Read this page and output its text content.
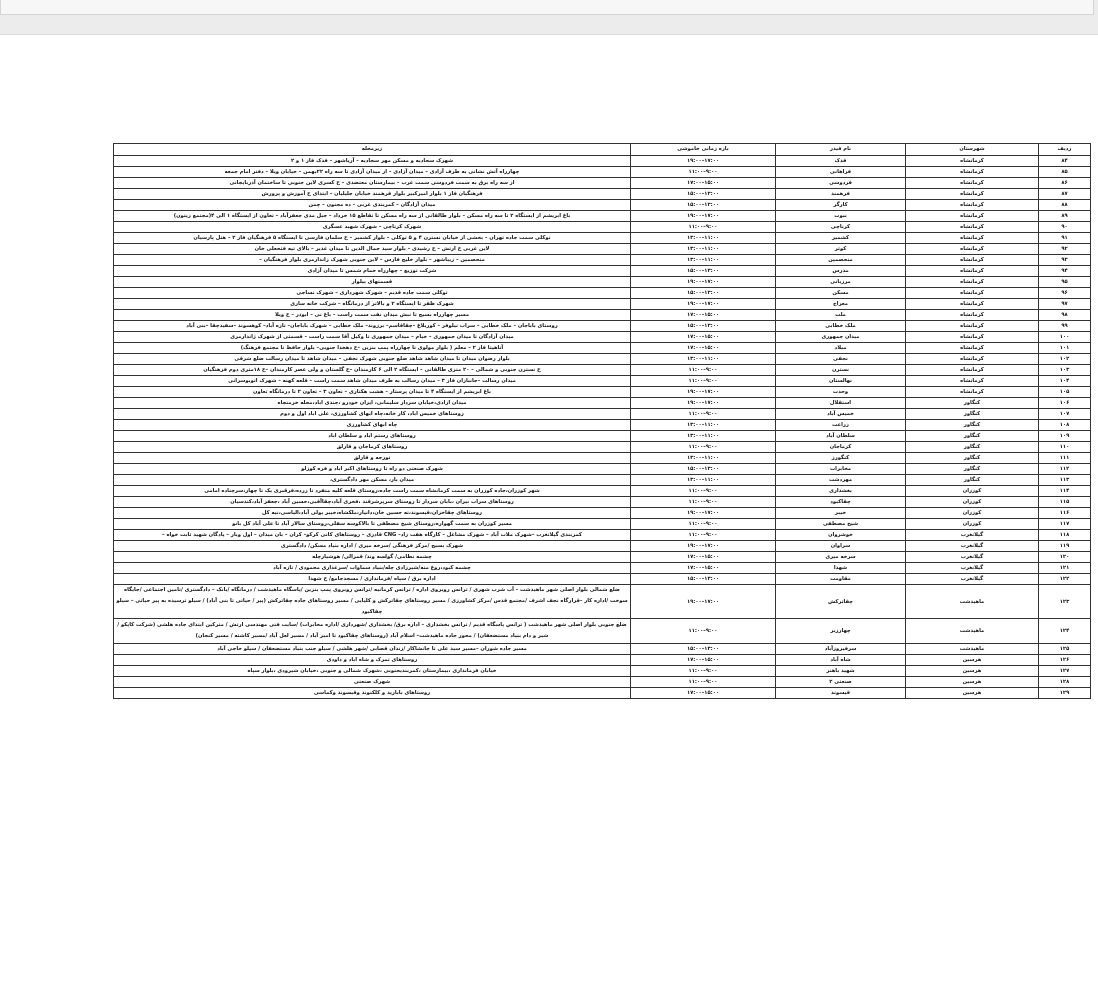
ردیف	شهرستان	نام فیدر	بازه زمانی خاموشی	زیرمحله
۸۴	کرمانشاه	فدک	۱۷:۰۰–۱۹:۰۰	شهرک سجادیه و مسکن مهر سجادیه – آریاشهر – فدک فاز ۱ و ۲
۸۵	کرمانشاه	فراهانی	۹:۰۰–۱۱:۰۰	چهارراه آتش نشانی به طرف آزادی – میدان آزادی – از میدان آزادی تا سه راه ۲۲بهمن – خیابان ویلا – دفتر امام جمعه
۸۶	کرمانشاه	فردوسی	۱۵:۰۰–۱۷:۰۰	از سه راه برق به سمت فردوسی سمت غرب – بیمارستان معتضدی – خ کسری لاین جنوبی تا ساختمان آذربایجانی
۸۷	کرمانشاه	فرهمند	۱۳:۰۰–۱۵:۰۰	فرهنگیان فاز ۱ بلوار امیرکبیر بلوار فرهمند خیابان جلیلیان – ابتدای خ آموزش و پرورش
۸۸	کرمانشاه	کارگر	۱۳:۰۰–۱۵:۰۰	میدان آزادگان – کمربندی غربی – ده مجنون – چمن
۸۹	کرمانشاه	نبوت	۱۷:۰۰–۱۹:۰۰	باغ ابریشم از ایستگاه ۲ تا سه راه مسکن – بلوار طالقانی از سه راه مسکن تا تقاطع ۱۵ خرداد – جبل مدی جعفرآباد – تعاون از ایستگاه ۱ الی ۴(مجتمع زیتون)
۹۰	کرمانشاه	کرناچی	۹:۰۰–۱۱:۰۰	شهرک کرناچی – شهرک شهید عسگری
۹۱	کرمانشاه	کشمیر	۱۱:۰۰–۱۳:۰۰	توکلی سمت جاده تهران – بخشی از خیابان نسترن ۴ و ۵ توکلی – بلوار کشمیر – خ سلمان فارسی تا ایستگاه ۵ فرهنگیان فاز ۲ – هتل پارسیان
۹۲	کرمانشاه	کوثر	۱۱:۰۰–۱۳:۰۰	لاین غربی خ ارتش – خ رشیدی – بلوار سید جمال الدین تا میدان غدیر – بالای تپه فتحعلی خان
۹۳	کرمانشاه	منحصمین	۱۱:۰۰–۱۳:۰۰	منحصمین – زیباشهر – بلوار خلیج فارس – لاین جنوبی شهرک زاندارمری بلوار فرهنگیان –
۹۴	کرمانشاه	مدرس	۱۳:۰۰–۱۵:۰۰	شرکت توزیع – چهارراه حمام شمس تا میدان آزادی
۹۵	کرمانشاه	مرزبانی	۱۷:۰۰–۱۹:۰۰	قسمتهای بیلوار
۹۶	کرمانشاه	مسکن	۱۳:۰۰–۱۵:۰۰	توکلی سمت جاده قدیم – شهرک شهرداری – شهرک نساجی
۹۷	کرمانشاه	معراج	۱۷:۰۰–۱۹:۰۰	شهرک ظفر تا ایستگاه ۲ و بالاتر از درمانگاه – شرکت خانه سازی
۹۸	کرمانشاه	ملت	۱۵:۰۰–۱۷:۰۰	مسیر چهارراه بسیج تا نبش میدان نفت سمت راست – باغ نی – ابوذر – خ ویلا
۹۹	کرمانشاه	ملک خطابی	۱۳:۰۰–۱۵:۰۰	روستای باباجان – ملک خطابی – سراب نیلوفر – کوربلاغ –چقاقاسم– برزوند– ملک خطابی – شهرک باباجان– تازه آباد– کوهسوند –سفیدچقا –بنی آباد
۱۰۰	کرمانشاه	میدان جمهوری	۱۵:۰۰–۱۷:۰۰	میدان آزادگان تا میدان جمهوری – خیام – میدان جمهوری تا وکیل آقا سمت راست – قسمتی از شهرک ژاندارمری
۱۰۱	کرمانشاه	میلاد	۱۵:۰۰–۱۷:۰۰	آناهیتا فاز ۲ – معلم ( بلوار مولوی تا چهارراه پمپ بنزین –خ دهخدا جنوبی– بلوار حافظ تا مجتمع فرهنگ)
۱۰۲	کرمانشاه	نجفی	۱۱:۰۰–۱۳:۰۰	بلوار رضوان میدان تا میدان شاهد شاهد ضلع جنوبی شهرک نجفی – میدان شاهد تا میدان رسالت ضلع شرقی
۱۰۳	کرمانشاه	نسترن	۹:۰۰–۱۱:۰۰	خ نسترن جنوبی و شمالی – ۲۰ متری طالقانی – ایستگاه ۲ الی ۶ کارمندان –خ گلستان و ولی عصر کارمندان –خ ۱۸متری دوم فرهنگیان
۱۰۴	کرمانشاه	نهالستان	۹:۰۰–۱۱:۰۰	میدان رسالت –جانبازان فاز ۳ – میدان رسالت به طرف میدان شاهد سمت راست – قلعه کهنه – شهرک اتوبوسرانی
۱۰۵	کرمانشاه	وحدت	۱۷:۰۰–۱۹:۰۰	باغ ابریشم از ایستگاه ۴ تا میدان پرستار – هشت هکتاری – تعاون ۳ – تعاون ۲ تا درمانگاه تعاون
۱۰۶	کنگاور	استقلال	۱۷:۰۰–۱۹:۰۰	میدان ازادی،خیابان سردار سلیمانی، ایران خودرو ،جندی اباد،محله خرمنجاه
۱۰۷	کنگاور	خمیس آباد	۹:۰۰–۱۱:۰۰	روستاهای خمیس اباد، کار خانه،چاه ابهای کشاورزی، علی اباد اول و دوم
۱۰۸	کنگاور	زراعت	۱۱:۰۰–۱۳:۰۰	چاه ابهای کشاورزی
۱۰۹	کنگاور	سلطان آباد	۱۱:۰۰–۱۳:۰۰	روستاهای رستم اباد و سلطان اباد
۱۱۰	کنگاور	کرماجان	۹:۰۰–۱۱:۰۰	روستاهای کرماجان و قارلق
۱۱۱	کنگاور	کنگورز	۱۱:۰۰–۱۳:۰۰	تورجه و قارلق
۱۱۲	کنگاور	مخابرات	۱۳:۰۰–۱۵:۰۰	شهرک صنعتی دو راه تا روستاهای اکبر اباد و فره کوزلو
۱۱۳	کنگاور	مهردشت	۱۱:۰۰–۱۳:۰۰	میدان بار، مسکن مهر دادگستری،
۱۱۴	کوزران	بغشداری	۹:۰۰–۱۱:۰۰	شهر کوزران،جاده کوزران به سمت کرمانشاه سمت راست جاده،روستای قلعه کلیه منفرد تا زرده،فرقبری یک تا چهار،سرچناده امامی
۱۱۵	کوزران	چقاکبود	۹:۰۰–۱۱:۰۰	روستاهای سراب نیران ،بابان سردار تا روستای سرپرشرقند ،فخری آباد،چقاآقبی،حسین آباد ،جعفر آباد،کندسیان
۱۱۶	کوزران	خیبر	۱۷:۰۰–۱۹:۰۰	روستاهای چقاخزان،قیسوند،ته حسین خان،دانیار،ملکشاه،خیبر بولی آباد،الیاسی،نیه کل
۱۱۷	کوزران	شیخ مصطفی	۹:۰۰–۱۱:۰۰	مسیر کوزران به سمت گهواره،روستای شیخ مصطفی تا بالاکوسه سفلی،روستای سالار آباد تا علی آباد کل بانو
۱۱۸	گیلانغرب	خوشروان	۹:۰۰–۱۱:۰۰	کمربندی گیلانغرب –شهرک ملات آباد – شهرک مشاغل – کارگاه هفت زاد– CNG قادری – روستاهای کانی کرکو– کران – بان میدان – اول وبار – پادگان شهید ثابت خواه –
۱۱۹	گیلانغرب	سراوان	۱۷:۰۰–۱۹:۰۰	شهرک بسیج /مرکز فرهنگی /سرخه میری / اداره بنیاد مسکن/ دادگستری
۱۲۰	گیلانغرب	سرخه میری	۱۵:۰۰–۱۷:۰۰	چشمه نظامی/ گولسه وند/ قمرالی/ هوشیارچله
۱۲۱	گیلانغرب	شهدا	۱۵:۰۰–۱۷:۰۰	چشمه کبود،روغ منه/شیرزادی چله/بنیاد سماوات /سرغداری محمودی / تازه آباد
۱۲۲	گیلانغرب	مقاومت	۱۳:۰۰–۱۵:۰۰	اداره برق / سپاه /فرمانداری / مسجدجامع/ خ شهدا
۱۲۳	ماهیدشت	چقاترکش	۱۷:۰۰–۱۹:۰۰	ضلع شمالی بلوار اصلی شهر ماهیدشت – آب شرب شهری / ترانس روبروی اداره / ترانس کرمانیه /ترانس روبروی پمپ بنزین /پاسگاه ماهیدشت / درمانگاه /بانک – دادگستری /تامین اجتماعی /جایگاه سوخت /اداره کار –قرارگاه نجف اشرف /مجتمع قدس /مرکز کشاورزی / مسیر روستاهای چقاترکش و کلیایی / مسیر روستاهای جاده چقاترکش (پیر / حیاتی تا بنی آباد) / سیلو ترسیده به پیر حیاتی – سیلو چقاکبود
۱۲۴	ماهیدشت	چهارزبر	۹:۰۰–۱۱:۰۰	ضلع جنوبی بلوار اصلی شهر ماهیدشت ( ترانس پاسگاه قدیم / ترانس بخشداری – اداره برق/ بخشداری /شهرداری /اداره مخابرات) /سایت فنی مهندسی ارتش / مترکین ابتدای جاده هلشی (شرکت کاپکو / شیر و دام بنیاد مستضعفان) / محور جاده ماهیدشت– اسلام آباد (روستاهای چقاکبود تا امیر آباد / مسیر لعل آباد /مسیر کاشته / مسیر کنجان)
۱۲۵	ماهیدشت	سرفیروزآباد	۱۳:۰۰–۱۵:۰۰	مسیر جاده شوران –مسیر سید علی تا جانشاکار /زندان قصابی /شهر هلشی / سیلو جنب بنیاد مستضعفان / سیلو حاجی آباد
۱۲۶	هرسین	شاه آباد	۱۵:۰۰–۱۷:۰۰	روستاهای تمرک و شاه اباد و داودی
۱۲۷	هرسین	شهید باهنر	۹:۰۰–۱۱:۰۰	خیابان فرمانداری ،بیمارستان ،کمربندیجنوبی ،شهرک شمالی و جنوبی ،خیابان شیرودی ،بلوار سپاه
۱۲۸	هرسین	صنعتی ۲	۹:۰۰–۱۱:۰۰	شهرک صنعتی
۱۲۹	هرسین	قیسوند	۱۵:۰۰–۱۷:۰۰	روستاهای بابارید و کلکنوند وقیسوند وکماسی
